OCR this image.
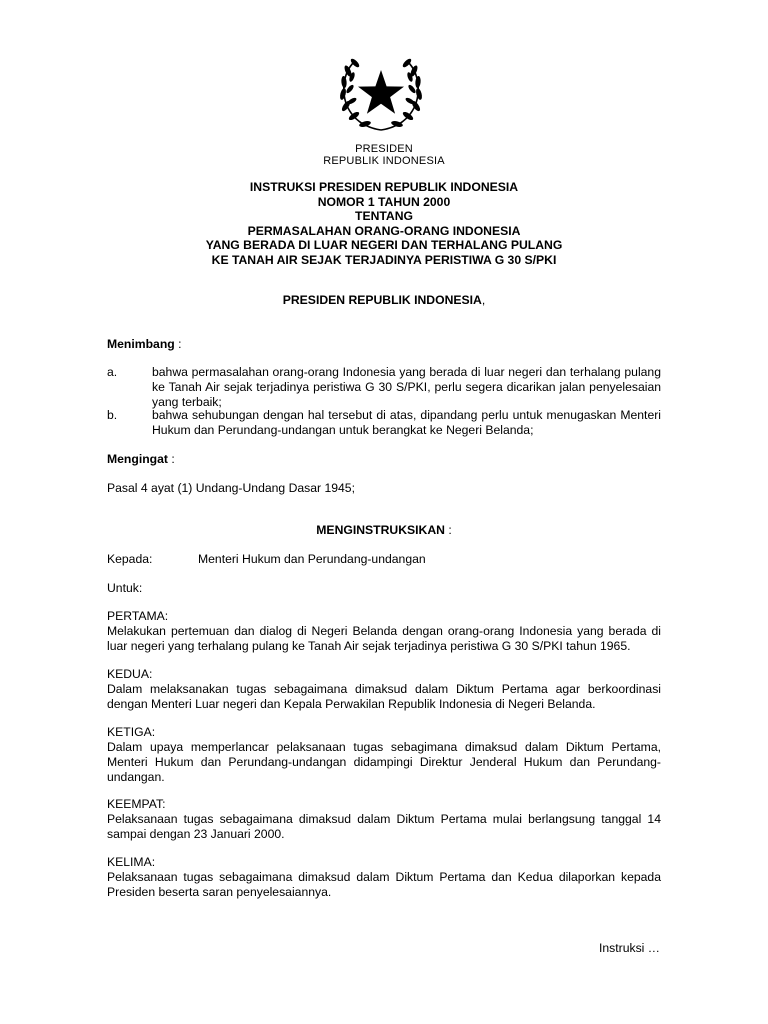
PRESIDEN
REPUBLIK INDONESIA
INSTRUKSI PRESIDEN REPUBLIK INDONESIA
NOMOR 1 TAHUN 2000
TENTANG
PERMASALAHAN ORANG-ORANG INDONESIA
YANG BERADA DI LUAR NEGERI DAN TERHALANG PULANG
KE TANAH AIR SEJAK TERJADINYA PERISTIWA G 30 S/PKI
PRESIDEN REPUBLIK INDONESIA,
Menimbang :
a.	bahwa permasalahan orang-orang Indonesia yang berada di luar negeri dan terhalang pulang ke Tanah Air sejak terjadinya peristiwa G 30 S/PKI, perlu segera dicarikan jalan penyelesaian yang terbaik;
b.	bahwa sehubungan dengan hal tersebut di atas, dipandang perlu untuk menugaskan Menteri Hukum dan Perundang-undangan untuk berangkat ke Negeri Belanda;
Mengingat :
Pasal 4 ayat (1) Undang-Undang Dasar 1945;
MENGINSTRUKSIKAN :
Kepada:	Menteri Hukum dan Perundang-undangan
Untuk:
PERTAMA:
Melakukan pertemuan dan dialog di Negeri Belanda dengan orang-orang Indonesia yang berada di luar negeri yang terhalang pulang ke Tanah Air sejak terjadinya peristiwa G 30 S/PKI tahun 1965.
KEDUA:
Dalam melaksanakan tugas sebagaimana dimaksud dalam Diktum Pertama agar berkoordinasi dengan Menteri Luar negeri dan Kepala Perwakilan Republik Indonesia di Negeri Belanda.
KETIGA:
Dalam upaya memperlancar pelaksanaan tugas sebagimana dimaksud dalam Diktum Pertama, Menteri Hukum dan Perundang-undangan didampingi Direktur Jenderal Hukum dan Perundang-undangan.
KEEMPAT:
Pelaksanaan tugas sebagaimana dimaksud dalam Diktum Pertama mulai berlangsung tanggal 14 sampai dengan 23 Januari 2000.
KELIMA:
Pelaksanaan tugas sebagaimana dimaksud dalam Diktum Pertama dan Kedua dilaporkan kepada Presiden beserta saran penyelesaiannya.
Instruksi …
